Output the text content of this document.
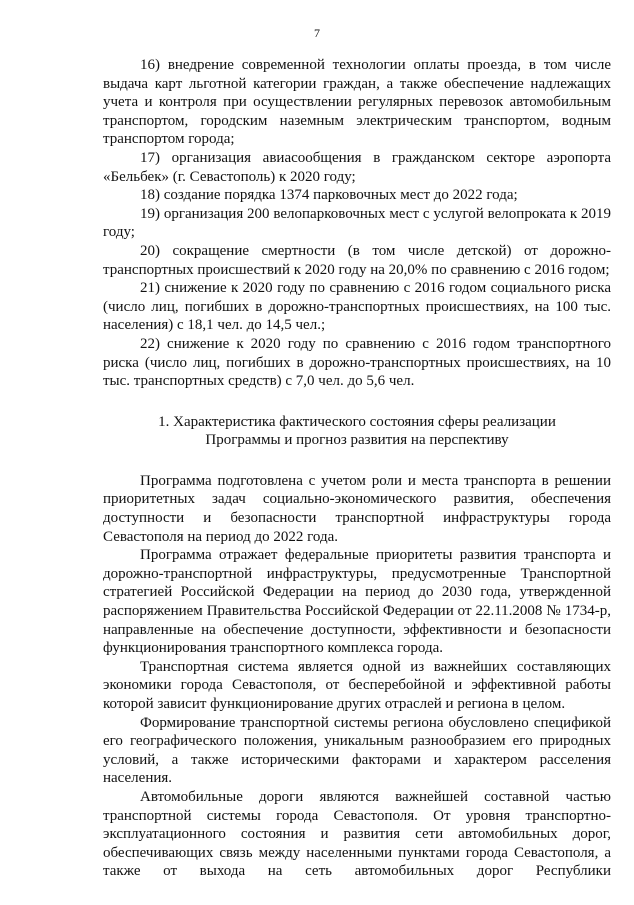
7

16) внедрение современной технологии оплаты проезда, в том числе выдача карт льготной категории граждан, а также обеспечение надлежащих учета и контроля при осуществлении регулярных перевозок автомобильным транспортом, городским наземным электрическим транспортом, водным транспортом города;

17) организация авиасообщения в гражданском секторе аэропорта «Бельбек» (г. Севастополь) к 2020 году;

18) создание порядка 1374 парковочных мест до 2022 года;

19) организация 200 велопарковочных мест с услугой велопроката к 2019 году;

20) сокращение смертности (в том числе детской) от дорожно-транспортных происшествий к 2020 году на 20,0% по сравнению с 2016 годом;

21) снижение к 2020 году по сравнению с 2016 годом социального риска (число лиц, погибших в дорожно-транспортных происшествиях, на 100 тыс. населения) с 18,1 чел. до 14,5 чел.;

22) снижение к 2020 году по сравнению с 2016 годом транспортного риска (число лиц, погибших в дорожно-транспортных происшествиях, на 10 тыс. транспортных средств) с 7,0 чел. до 5,6 чел.

1. Характеристика фактического состояния сферы реализации
Программы и прогноз развития на перспективу

Программа подготовлена с учетом роли и места транспорта в решении приоритетных задач социально-экономического развития, обеспечения доступности и безопасности транспортной инфраструктуры города Севастополя на период до 2022 года.

Программа отражает федеральные приоритеты развития транспорта и дорожно-транспортной инфраструктуры, предусмотренные Транспортной стратегией Российской Федерации на период до 2030 года, утвержденной распоряжением Правительства Российской Федерации от 22.11.2008 № 1734-р, направленные на обеспечение доступности, эффективности и безопасности функционирования транспортного комплекса города.

Транспортная система является одной из важнейших составляющих экономики города Севастополя, от бесперебойной и эффективной работы которой зависит функционирование других отраслей и региона в целом.

Формирование транспортной системы региона обусловлено спецификой его географического положения, уникальным разнообразием его природных условий, а также историческими факторами и характером расселения населения.

Автомобильные дороги являются важнейшей составной частью транспортной системы города Севастополя. От уровня транспортно-эксплуатационного состояния и развития сети автомобильных дорог, обеспечивающих связь между населенными пунктами города Севастополя, а также от выхода на сеть автомобильных дорог Республики
